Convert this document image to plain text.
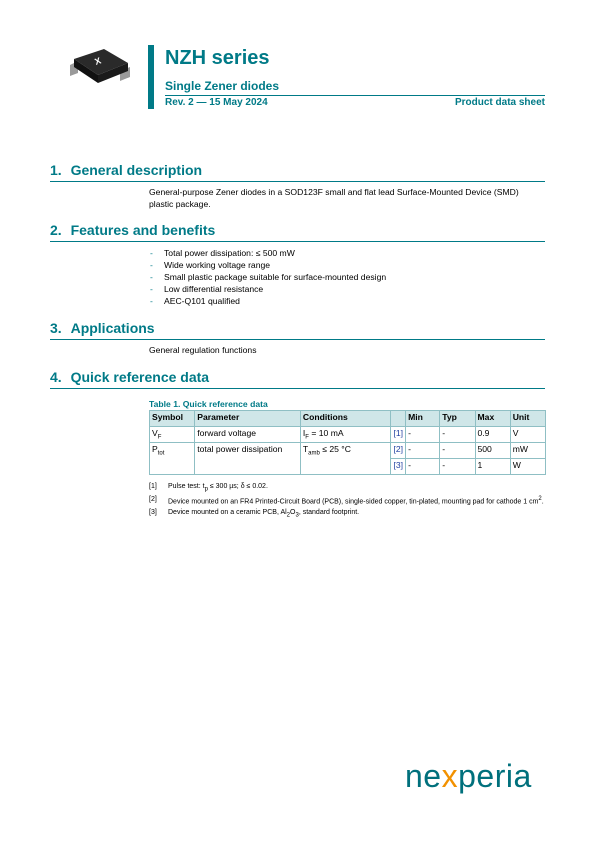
X	NZH series
Single Zener diodes
Rev. 2 — 15 May 2024	Product data sheet
1. General description
General-purpose Zener diodes in a SOD123F small and flat lead Surface-Mounted Device (SMD) plastic package.
2. Features and benefits
- Total power dissipation: ≤ 500 mW
- Wide working voltage range
- Small plastic package suitable for surface-mounted design
- Low differential resistance
- AEC-Q101 qualified
3. Applications
General regulation functions
4. Quick reference data
Table 1. Quick reference data
Symbol	Parameter	Conditions		Min	Typ	Max	Unit
$V_F$	forward voltage	$I_F = 10$ mA	[1]	-	-	0.9	V
$P_{tot}$	total power dissipation	$T_{amb} \le 25$ °C	[2]	-	-	500	mW
			[3]	-	-	1	W
[1]	Pulse test: $t_p \le 300$ µs; δ ≤ 0.02.
[2]	Device mounted on an FR4 Printed-Circuit Board (PCB), single-sided copper, tin-plated, mounting pad for cathode 1 $cm^2$.
[3]	Device mounted on a ceramic PCB, $Al_2O_3$, standard footprint.
nexperia
